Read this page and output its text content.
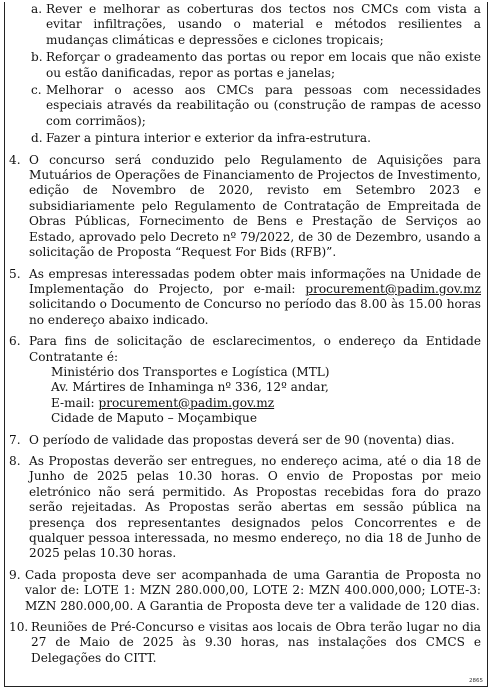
a. Rever e melhorar as coberturas dos tectos nos CMCs com vista a evitar infiltrações, usando o material e métodos resilientes a mudanças climáticas e depressões e ciclones tropicais;
b. Reforçar o gradeamento das portas ou repor em locais que não existe ou estão danificadas, repor as portas e janelas;
c. Melhorar o acesso aos CMCs para pessoas com necessidades especiais através da reabilitação ou (construção de rampas de acesso com corrimãos);
d. Fazer a pintura interior e exterior da infra-estrutura.
4. O concurso será conduzido pelo Regulamento de Aquisições para Mutuários de Operações de Financiamento de Projectos de Investimento, edição de Novembro de 2020, revisto em Setembro 2023 e subsidiariamente pelo Regulamento de Contratação de Empreitada de Obras Públicas, Fornecimento de Bens e Prestação de Serviços ao Estado, aprovado pelo Decreto nº 79/2022, de 30 de Dezembro, usando a solicitação de Proposta “Request For Bids (RFB)”.
5. As empresas interessadas podem obter mais informações na Unidade de Implementação do Projecto, por e-mail: procurement@padim.gov.mz solicitando o Documento de Concurso no período das 8.00 às 15.00 horas no endereço abaixo indicado.
6. Para fins de solicitação de esclarecimentos, o endereço da Entidade Contratante é:
Ministério dos Transportes e Logística (MTL)
Av. Mártires de Inhaminga nº 336, 12º andar,
E-mail: procurement@padim.gov.mz
Cidade de Maputo – Moçambique
7. O período de validade das propostas deverá ser de 90 (noventa) dias.
8. As Propostas deverão ser entregues, no endereço acima, até o dia 18 de Junho de 2025 pelas 10.30 horas. O envio de Propostas por meio eletrónico não será permitido. As Propostas recebidas fora do prazo serão rejeitadas. As Propostas serão abertas em sessão pública na presença dos representantes designados pelos Concorrentes e de qualquer pessoa interessada, no mesmo endereço, no dia 18 de Junho de 2025 pelas 10.30 horas.
9. Cada proposta deve ser acompanhada de uma Garantia de Proposta no valor de: LOTE 1: MZN 280.000,00, LOTE 2: MZN 400.000,000; LOTE-3: MZN 280.000,00. A Garantia de Proposta deve ter a validade de 120 dias.
10. Reuniões de Pré-Concurso e visitas aos locais de Obra terão lugar no dia 27 de Maio de 2025 às 9.30 horas, nas instalações dos CMCS e Delegações do CITT.
2865
